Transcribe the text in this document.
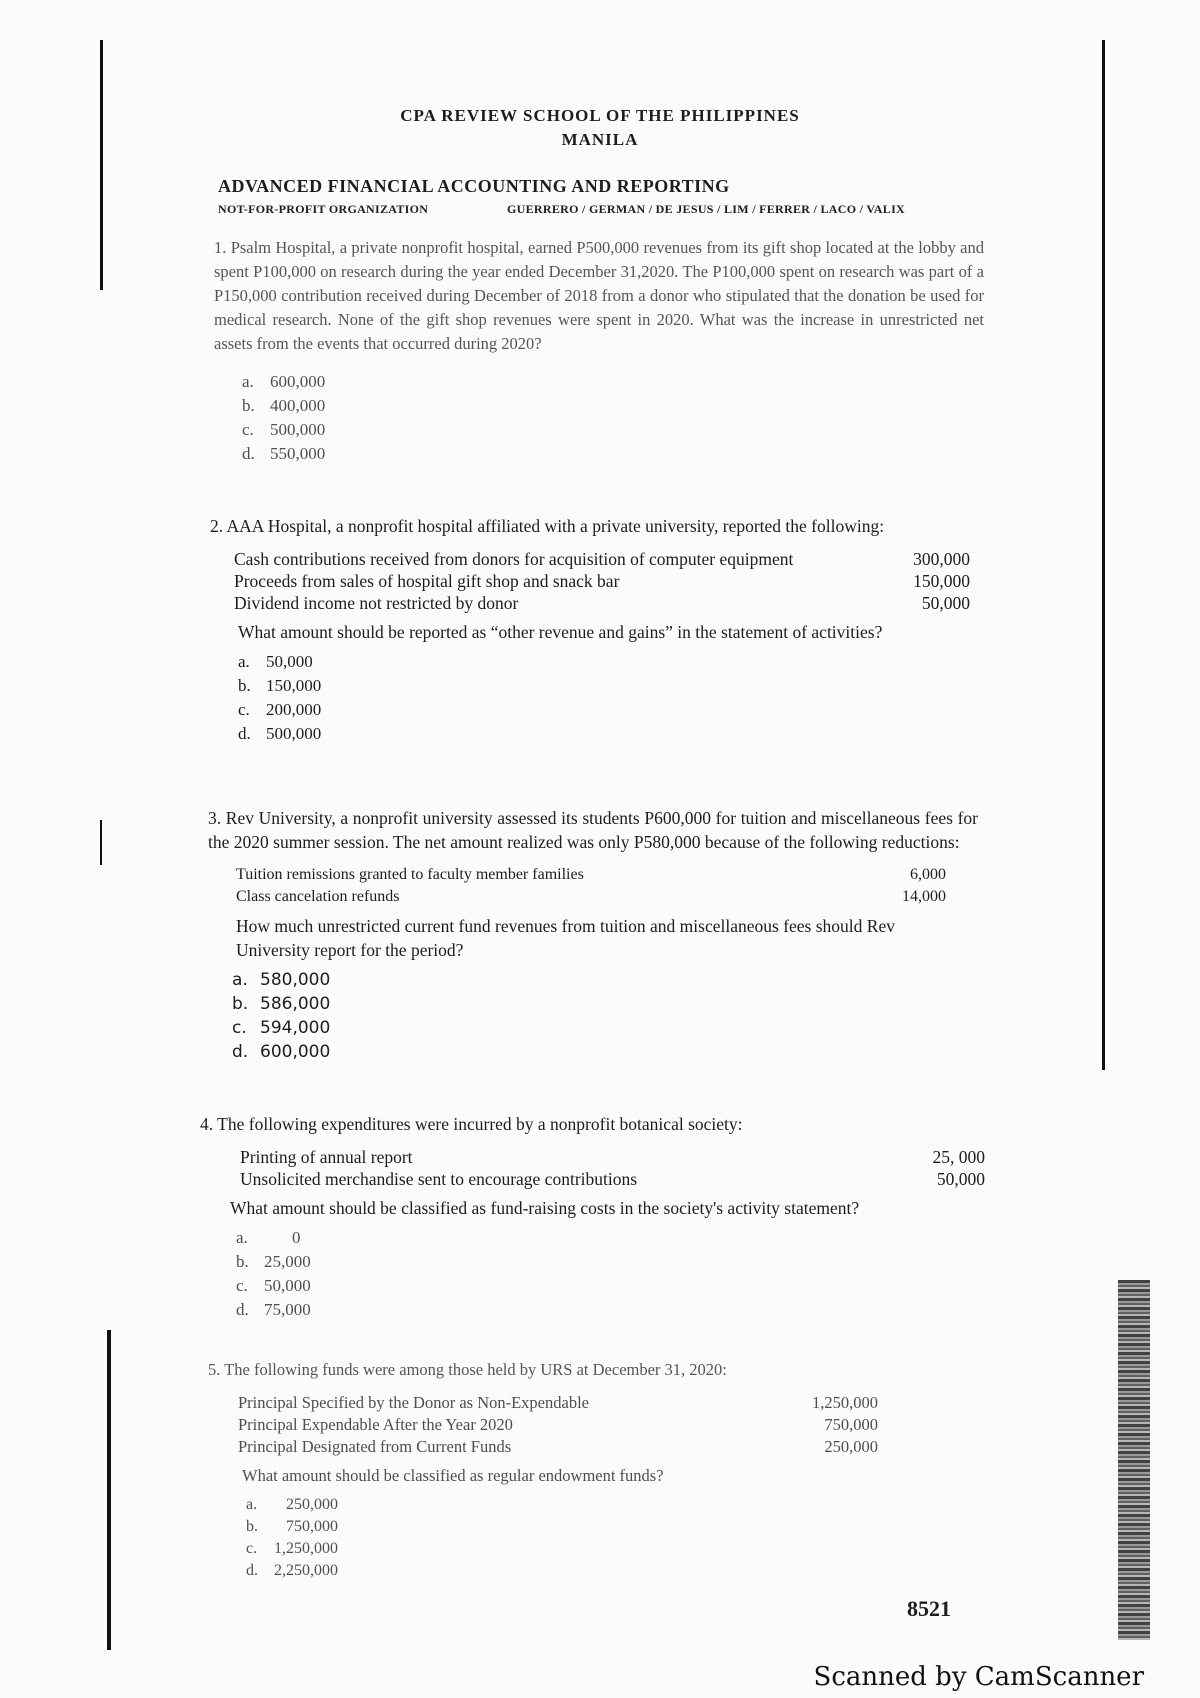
CPA REVIEW SCHOOL OF THE PHILIPPINES
MANILA
ADVANCED FINANCIAL ACCOUNTING AND REPORTING
NOT-FOR-PROFIT ORGANIZATION	GUERRERO / GERMAN / DE JESUS / LIM / FERRER / LACO / VALIX

1. Psalm Hospital, a private nonprofit hospital, earned P500,000 revenues from its gift shop located at the lobby and spent P100,000 on research during the year ended December 31,2020. The P100,000 spent on research was part of a P150,000 contribution received during December of 2018 from a donor who stipulated that the donation be used for medical research. None of the gift shop revenues were spent in 2020. What was the increase in unrestricted net assets from the events that occurred during 2020?

a. 600,000
b. 400,000
c. 500,000
d. 550,000

2. AAA Hospital, a nonprofit hospital affiliated with a private university, reported the following:

Cash contributions received from donors for acquisition of computer equipment	300,000
Proceeds from sales of hospital gift shop and snack bar	150,000
Dividend income not restricted by donor	50,000
What amount should be reported as “other revenue and gains” in the statement of activities?
a. 50,000
b. 150,000
c. 200,000
d. 500,000

3. Rev University, a nonprofit university assessed its students P600,000 for tuition and miscellaneous fees for the 2020 summer session. The net amount realized was only P580,000 because of the following reductions:

Tuition remissions granted to faculty member families	6,000
Class cancelation refunds	14,000
How much unrestricted current fund revenues from tuition and miscellaneous fees should Rev University report for the period?
a. 580,000
b. 586,000
c. 594,000
d. 600,000

4. The following expenditures were incurred by a nonprofit botanical society:

Printing of annual report	25, 000
Unsolicited merchandise sent to encourage contributions	50,000
What amount should be classified as fund-raising costs in the society's activity statement?
a.	0
b. 25,000
c. 50,000
d. 75,000

5. The following funds were among those held by URS at December 31, 2020:

Principal Specified by the Donor as Non-Expendable	1,250,000
Principal Expendable After the Year 2020	750,000
Principal Designated from Current Funds	250,000
What amount should be classified as regular endowment funds?
a.	250,000
b.	750,000
c.	1,250,000
d.	2,250,000
8521
Scanned by CamScanner
